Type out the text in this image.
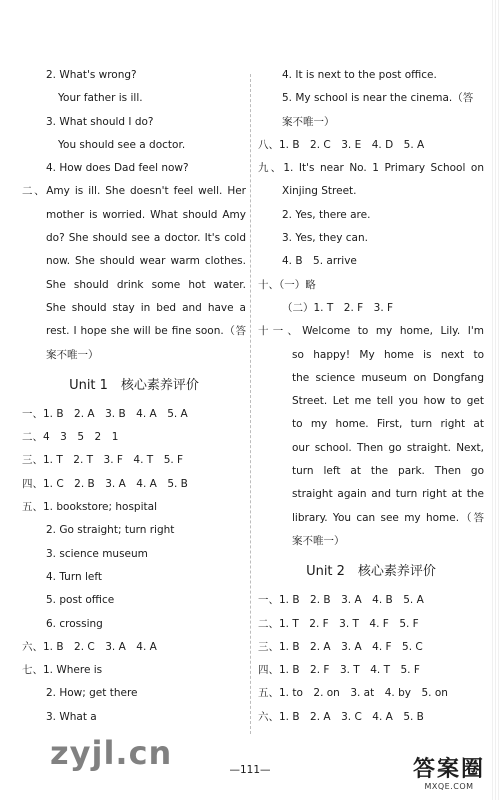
2. What's wrong?
Your father is ill.
3. What should I do?
You should see a doctor.
4. How does Dad feel now?
二、Amy is ill. She doesn't feel well. Her
mother is worried. What should Amy
do? She should see a doctor. It's cold
now. She should wear warm clothes.
She should drink some hot water.
She should stay in bed and have a
rest. I hope she will be fine soon.（答
案不唯一）
Unit 1　核心素养评价
一、1. B　2. A　3. B　4. A　5. A
二、4　3　5　2　1
三、1. T　2. T　3. F　4. T　5. F
四、1. C　2. B　3. A　4. A　5. B
五、1. bookstore; hospital
2. Go straight; turn right
3. science museum
4. Turn left
5. post office
6. crossing
六、1. B　2. C　3. A　4. A
七、1. Where is
2. How; get there
3. What a
4. It is next to the post office.
5. My school is near the cinema.（答
案不唯一）
八、1. B　2. C　3. E　4. D　5. A
九、1. It's near No. 1 Primary School on
Xinjing Street.
2. Yes, there are.
3. Yes, they can.
4. B　5. arrive
十、（一）略
（二）1. T　2. F　3. F
十一、Welcome to my home, Lily. I'm
so happy! My home is next to
the science museum on Dongfang
Street. Let me tell you how to get
to my home. First, turn right at
our school. Then go straight. Next,
turn left at the park. Then go
straight again and turn right at the
library. You can see my home.（答
案不唯一）
Unit 2　核心素养评价
一、1. B　2. B　3. A　4. B　5. A
二、1. T　2. F　3. T　4. F　5. F
三、1. B　2. A　3. A　4. F　5. C
四、1. B　2. F　3. T　4. T　5. F
五、1. to　2. on　3. at　4. by　5. on
六、1. B　2. A　3. C　4. A　5. B
—111—
zyjl.cn	答案圈
MXQE.COM
